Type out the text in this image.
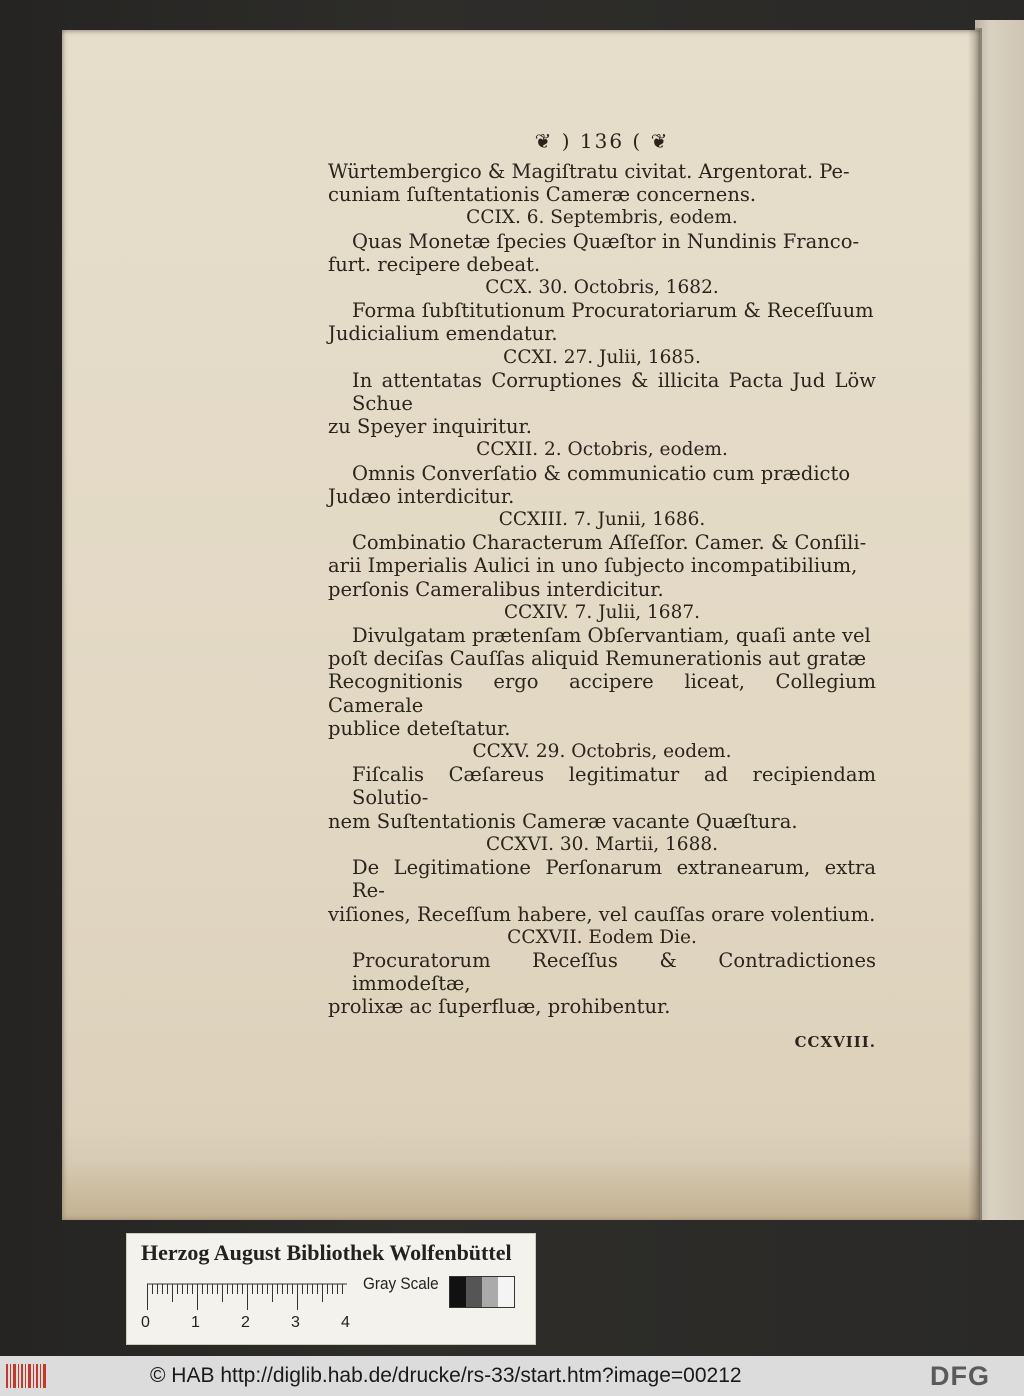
❦ ) 136 ( ❦
Würtembergico & Magiſtratu civitat. Argentorat. Pe-
cuniam ſuſtentationis Cameræ concernens.
CCIX. 6. Septembris, eodem.
Quas Monetæ ſpecies Quæſtor in Nundinis Franco-
furt. recipere debeat.
CCX. 30. Octobris, 1682.
Forma ſubſtitutionum Procuratoriarum & Receſſuum
Judicialium emendatur.
CCXI. 27. Julii, 1685.
In attentatas Corruptiones & illicita Pacta Jud Löw Schue
zu Speyer inquiritur.
CCXII. 2. Octobris, eodem.
Omnis Converſatio & communicatio cum prædicto
Judæo interdicitur.
CCXIII. 7. Junii, 1686.
Combinatio Characterum Aſſeſſor. Camer. & Conſili-
arii Imperialis Aulici in uno ſubjecto incompatibilium,
perſonis Cameralibus interdicitur.
CCXIV. 7. Julii, 1687.
Divulgatam prætenſam Obſervantiam, quaſi ante vel
poſt deciſas Cauſſas aliquid Remunerationis aut gratæ
Recognitionis ergo accipere liceat, Collegium Camerale
publice deteſtatur.
CCXV. 29. Octobris, eodem.
Fiſcalis Cæſareus legitimatur ad recipiendam Solutio-
nem Suſtentationis Cameræ vacante Quæſtura.
CCXVI. 30. Martii, 1688.
De Legitimatione Perſonarum extranearum, extra Re-
viſiones, Receſſum habere, vel cauſſas orare volentium.
CCXVII. Eodem Die.
Procuratorum Receſſus & Contradictiones immodeſtæ,
prolixæ ac ſuperfluæ, prohibentur.
CCXVIII.
Herzog August Bibliothek Wolfenbüttel
0	1	2	3	4
Gray Scale
© HAB http://diglib.hab.de/drucke/rs-33/start.htm?image=00212	DFG
